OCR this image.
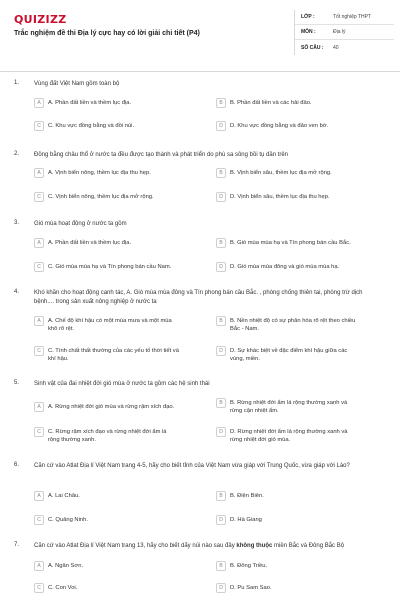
QUIZIZZ
Trắc nghiệm đề thi Địa lý cực hay có lời giải chi tiết (P4)
LỚP :	Tốt nghiệp THPT
MÔN :	Địa lý
SỐ CÂU :	40
1. Vùng đất Việt Nam gồm toàn bộ
A	A. Phần đất liền và thềm lục địa.	B	B. Phần đất liền và các hải đảo.
C	C. Khu vực đồng bằng và đồi núi.	D	D. Khu vực đồng bằng và đảo ven bờ.
2. Đồng bằng châu thổ ở nước ta đều được tạo thành và phát triển do phù sa sông bồi tụ dần trên
A	A. Vịnh biển nông, thềm lục địa thu hẹp.	B	B. Vịnh biển sâu, thềm lục địa mở rộng.
C	C. Vịnh biển nông, thềm lục địa mở rộng.	D	D. Vịnh biển sâu, thềm lục địa thu hẹp.
3. Gió mùa hoạt động ở nước ta gồm
A	A. Phần đất liền và thềm lục địa.	B	B. Gió mùa mùa hạ và Tín phong bán cầu Bắc.
C	C. Gió mùa mùa hạ và Tín phong bán cầu Nam.	D	D. Gió mùa mùa đông và gió mùa mùa hạ.
4. Khó khăn cho hoạt động canh tác, A. Gió mùa mùa đông và Tín phong bán cầu Bắc. , phòng chống thiên tai, phòng trừ dịch bệnh.... trong sản xuất nông nghiệp ở nước ta
A	A. Chế độ khí hậu có một mùa mưa và một mùa khô rõ rệt.
B	B. Nền nhiệt độ có sự phân hóa rõ rệt theo chiều Bắc - Nam.
C	C. Tính chất thất thường của các yếu tố thời tiết và khí hậu.
D	D. Sự khác biệt về đặc điểm khí hậu giữa các vùng, miền.
5. Sinh vật của đai nhiệt đới gió mùa ở nước ta gồm các hệ sinh thái
A	A. Rừng nhiệt đới gió mùa và rừng rậm xích đạo.
B	B. Rừng nhiệt đới ẩm lá rộng thường xanh và rừng cận nhiệt ẩm.
C	C. Rừng rậm xích đạo và rừng nhiệt đới ẩm lá rộng thường xanh.
D	D. Rừng nhiệt đới ẩm lá rộng thường xanh và rừng nhiệt đới gió mùa.
6. Căn cứ vào Atlat Địa lí Việt Nam trang 4-5, hãy cho biết tỉnh của Việt Nam vừa giáp với Trung Quốc, vừa giáp với Lào?
A	A. Lai Châu.	B	B. Điện Biên.
C	C. Quảng Ninh.	D	D. Hà Giang
7. Căn cứ vào Atlat Địa lí Việt Nam trang 13, hãy cho biết dãy núi nào sau đây không thuộc miền Bắc và Đông Bắc Bộ
A	A. Ngân Sơn.	B	B. Đông Triều.
C	C. Con Voi.	D	D. Pu Sam Sao.
